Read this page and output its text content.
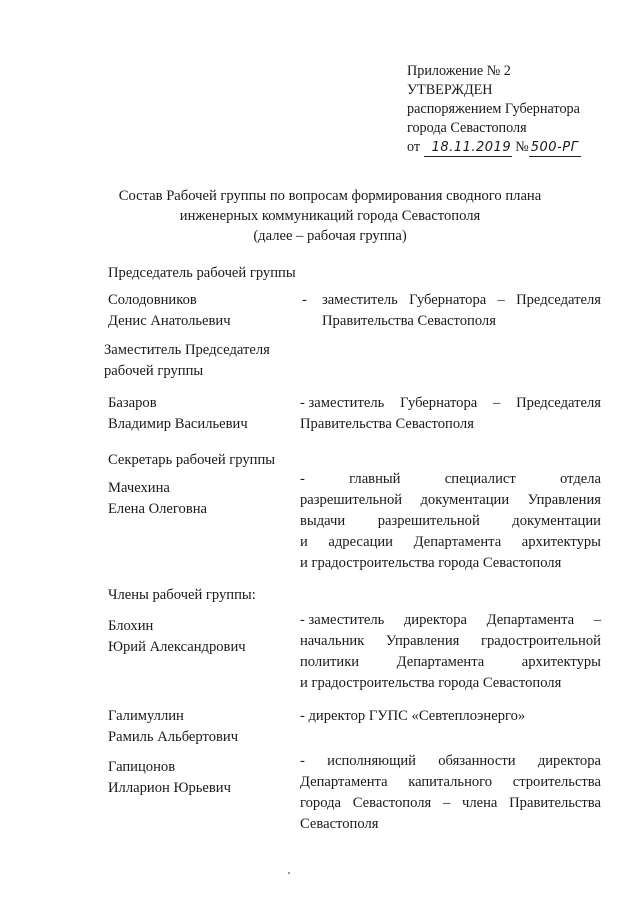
Приложение № 2
УТВЕРЖДЕН
распоряжением Губернатора
города Севастополя
от 18.11.2019 № 500-РГ
Состав Рабочей группы по вопросам формирования сводного плана
инженерных коммуникаций города Севастополя
(далее – рабочая группа)
Председатель рабочей группы
Солодовников
Денис Анатольевич
- заместитель Губернатора – Председателя
Правительства Севастополя
Заместитель Председателя
рабочей группы
Базаров
Владимир Васильевич
- заместитель Губернатора – Председателя
Правительства Севастополя
Секретарь рабочей группы
Мачехина
Елена Олеговна
-	главный	специалист	отдела
разрешительной документации Управления
выдачи разрешительной документации
и адресации Департамента архитектуры
и градостроительства города Севастополя
Члены рабочей группы:
Блохин
Юрий Александрович
- заместитель директора Департамента –
начальник Управления градостроительной
политики	Департамента	архитектуры
и градостроительства города Севастополя
Галимуллин
Рамиль Альбертович
- директор ГУПС «Севтеплоэнерго»
Гапицонов
Илларион Юрьевич
- исполняющий обязанности директора
Департамента капитального строительства
города Севастополя – члена Правительства
Севастополя
